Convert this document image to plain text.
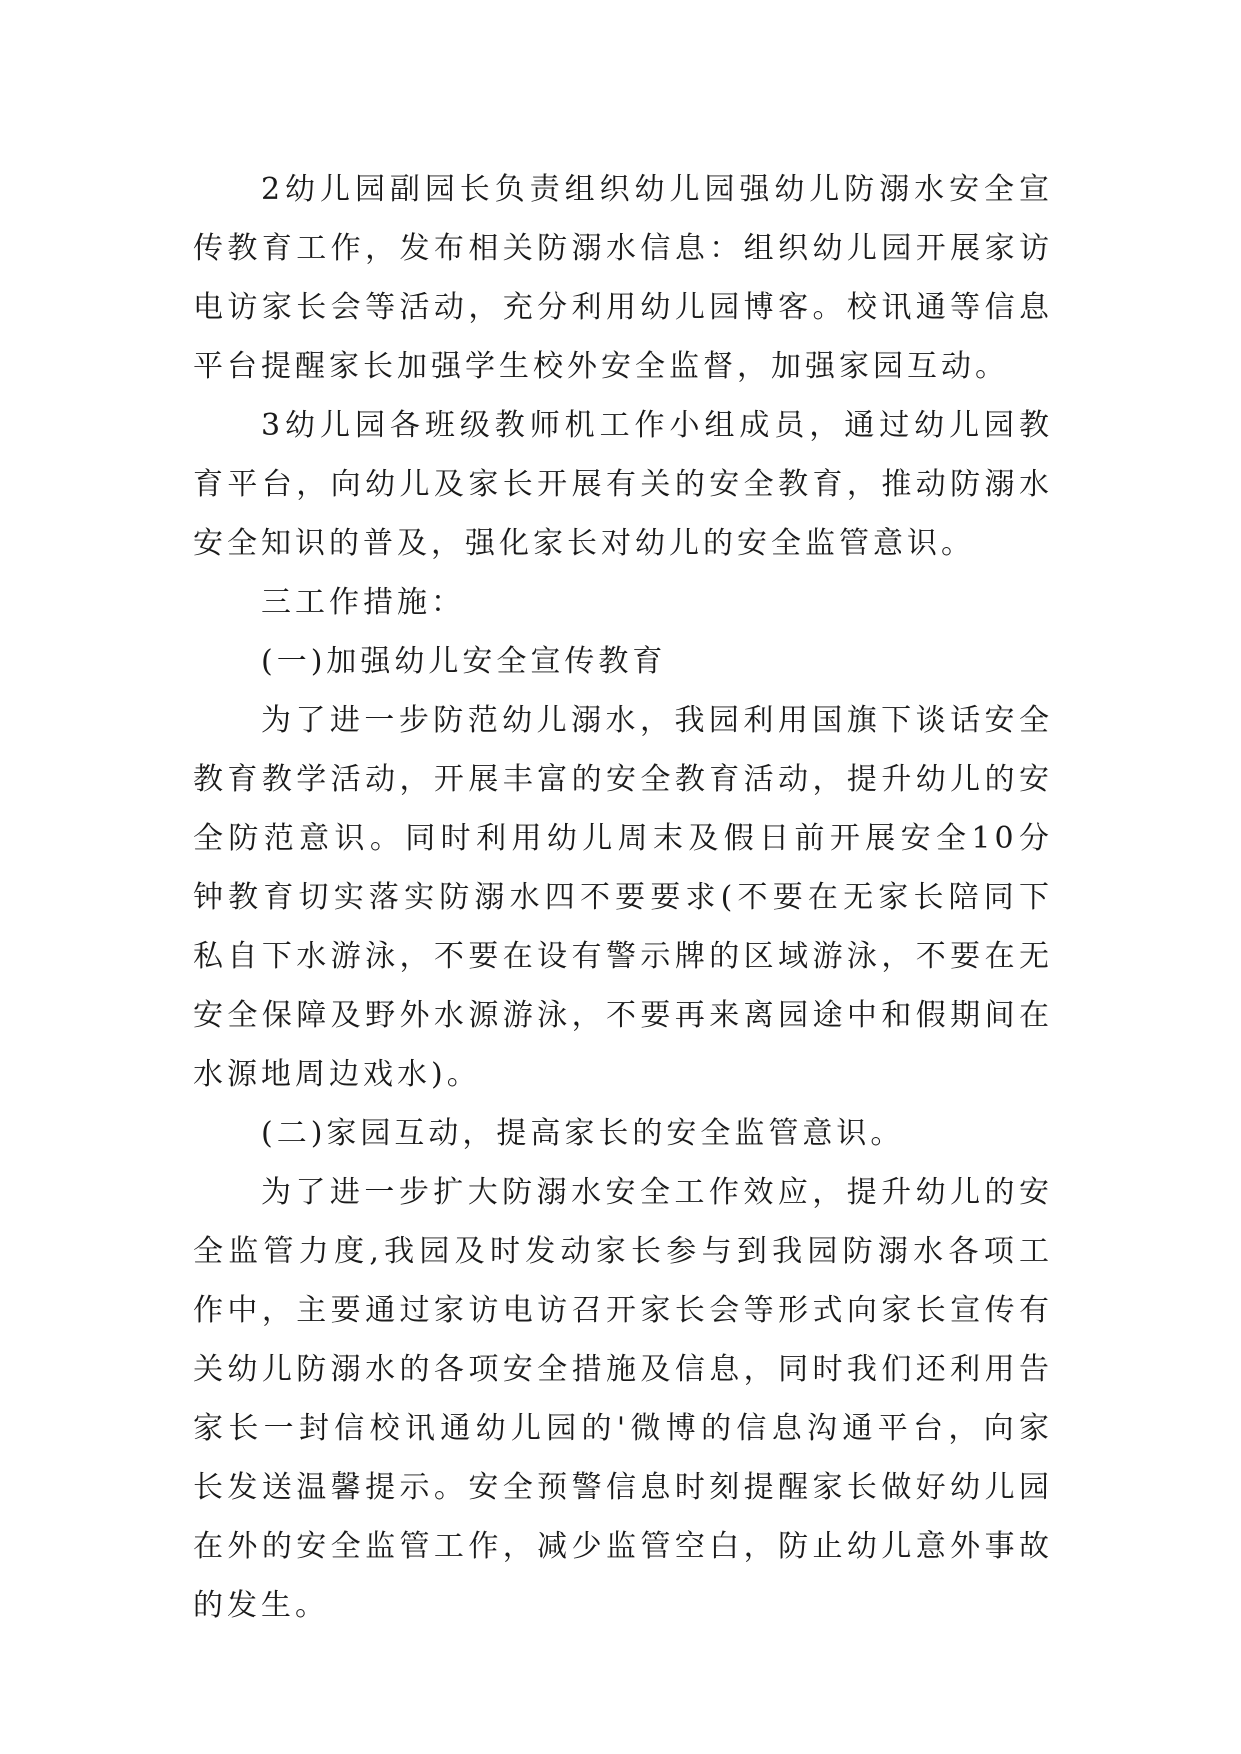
2幼儿园副园长负责组织幼儿园强幼儿防溺水安全宣传教育工作，发布相关防溺水信息：组织幼儿园开展家访电访家长会等活动，充分利用幼儿园博客。校讯通等信息平台提醒家长加强学生校外安全监督，加强家园互动。

3幼儿园各班级教师机工作小组成员，通过幼儿园教育平台，向幼儿及家长开展有关的安全教育，推动防溺水安全知识的普及，强化家长对幼儿的安全监管意识。

三工作措施：

(一)加强幼儿安全宣传教育

为了进一步防范幼儿溺水，我园利用国旗下谈话安全教育教学活动，开展丰富的安全教育活动，提升幼儿的安全防范意识。同时利用幼儿周末及假日前开展安全10分钟教育切实落实防溺水四不要要求(不要在无家长陪同下私自下水游泳，不要在设有警示牌的区域游泳，不要在无安全保障及野外水源游泳，不要再来离园途中和假期间在水源地周边戏水)。

(二)家园互动，提高家长的安全监管意识。

为了进一步扩大防溺水安全工作效应，提升幼儿的安全监管力度,我园及时发动家长参与到我园防溺水各项工作中，主要通过家访电访召开家长会等形式向家长宣传有关幼儿防溺水的各项安全措施及信息，同时我们还利用告家长一封信校讯通幼儿园的'微博的信息沟通平台，向家长发送温馨提示。安全预警信息时刻提醒家长做好幼儿园在外的安全监管工作，减少监管空白，防止幼儿意外事故的发生。
